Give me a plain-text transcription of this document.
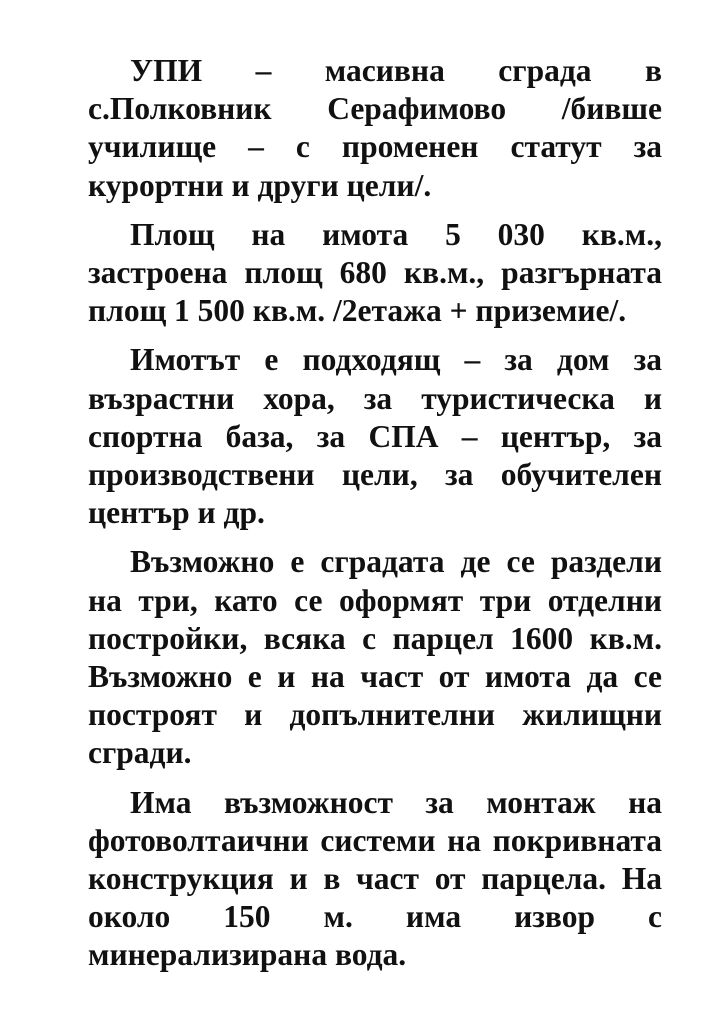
УПИ – масивна сграда в с.Полковник Серафимово /бивше училище – с променен статут за курортни и други цели/.

Площ на имота 5 030 кв.м., застроена площ 680 кв.м., разгърната площ 1 500 кв.м. /2етажа + приземие/.

Имотът е подходящ – за дом за възрастни хора, за туристическа и спортна база, за СПА – център, за производствени цели, за обучителен център и др.

Възможно е сградата де се раздели на три, като се оформят три отделни постройки, всяка с парцел 1600 кв.м. Възможно е и на част от имота да се построят и допълнителни жилищни сгради.

Има възможност за монтаж на фотоволтаични системи на покривната конструкция и в част от парцела. На около 150 м. има извор с минерализирана вода.
